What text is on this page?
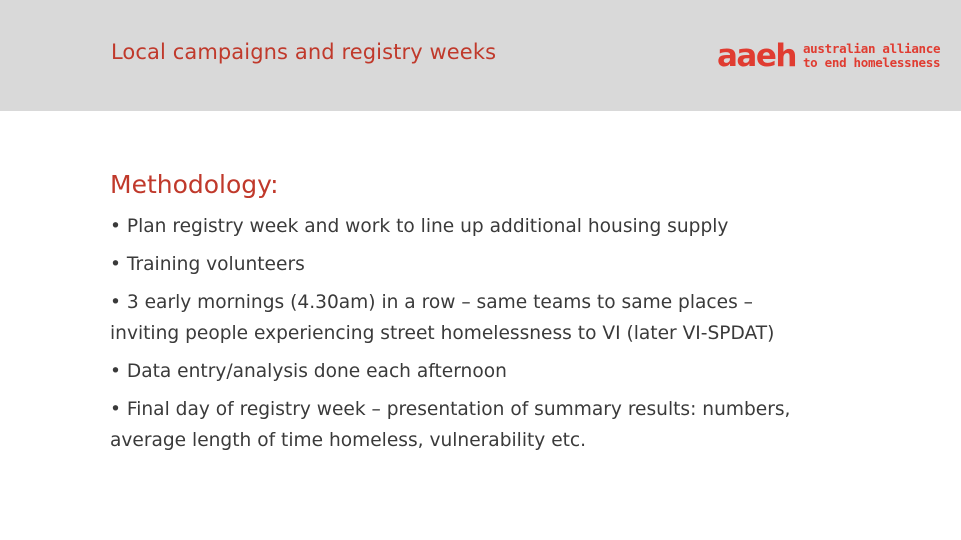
Local campaigns and registry weeks	aaeh australian alliance
to end homelessness
Methodology:
• Plan registry week and work to line up additional housing supply
• Training volunteers
• 3 early mornings (4.30am) in a row – same teams to same places – inviting people experiencing street homelessness to VI (later VI-SPDAT)
• Data entry/analysis done each afternoon
• Final day of registry week – presentation of summary results: numbers, average length of time homeless, vulnerability etc.
